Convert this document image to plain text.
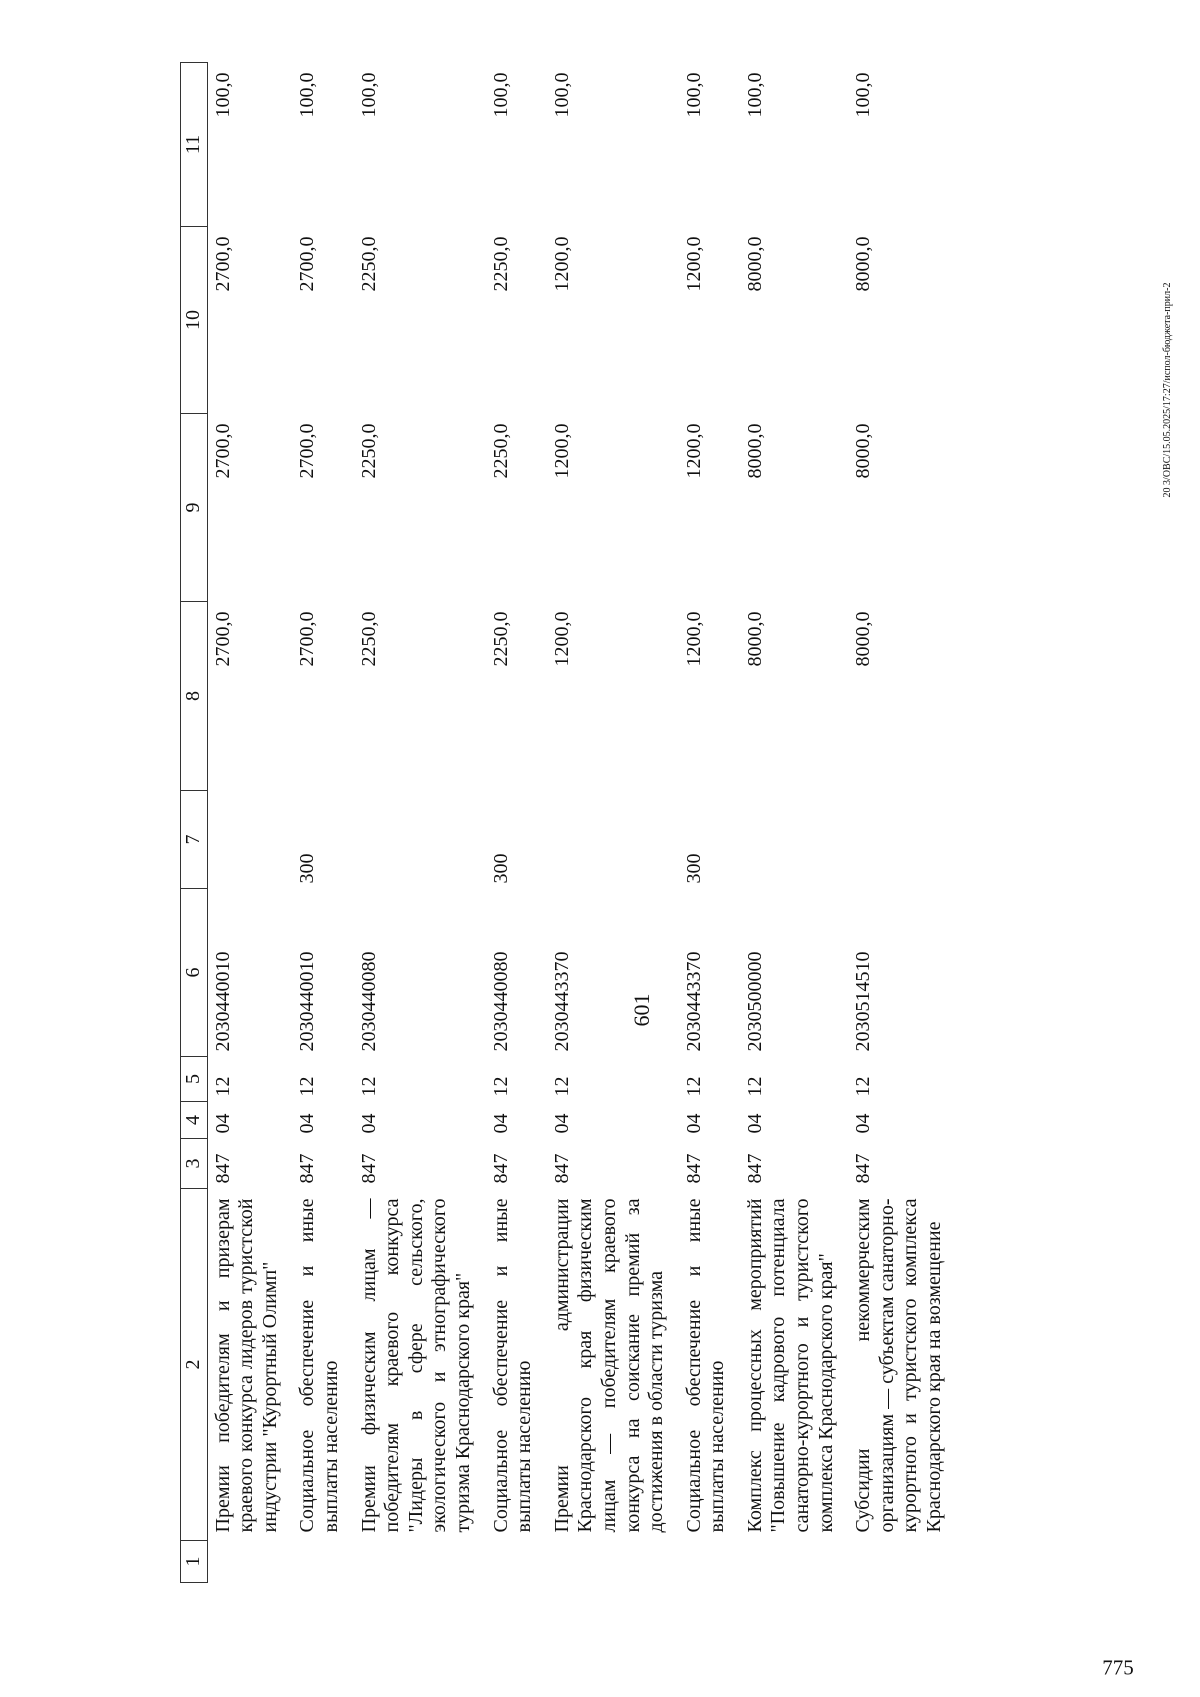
601
20 3/ОВС/15.05.2025/17:27/испол-бюджета-прил-2
775
1	2	3	4	5	6	7	8	9	10	11
	Премии победителям и призерам краевого конкурса лидеров туристской индустрии "Курортный Олимп"	847	04	12	2030440010		2700,0	2700,0	2700,0	100,0
	Социальное обеспечение и иные выплаты населению	847	04	12	2030440010	300	2700,0	2700,0	2700,0	100,0
	Премии физическим лицам — победителям краевого конкурса "Лидеры в сфере сельского, экологического и этнографического туризма Краснодарского края"	847	04	12	2030440080		2250,0	2250,0	2250,0	100,0
	Социальное обеспечение и иные выплаты населению	847	04	12	2030440080	300	2250,0	2250,0	2250,0	100,0
	Премии администрации Краснодарского края физическим лицам — победителям краевого конкурса на соискание премий за достижения в области туризма	847	04	12	2030443370		1200,0	1200,0	1200,0	100,0
	Социальное обеспечение и иные выплаты населению	847	04	12	2030443370	300	1200,0	1200,0	1200,0	100,0
	Комплекс процессных мероприятий "Повышение кадрового потенциала санаторно-курортного и туристского комплекса Краснодарского края"	847	04	12	2030500000		8000,0	8000,0	8000,0	100,0
	Субсидии некоммерческим организациям — субъектам санаторно-курортного и туристского комплекса Краснодарского края на возмещение	847	04	12	2030514510		8000,0	8000,0	8000,0	100,0
